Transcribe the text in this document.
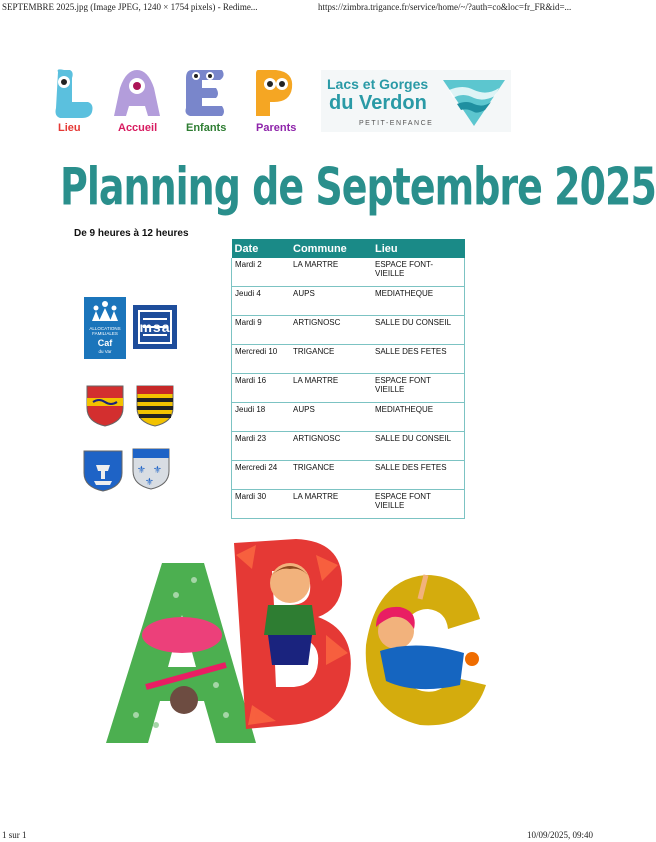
SEPTEMBRE 2025.jpg (Image JPEG, 1240 × 1754 pixels) - Redime...	https://zimbra.trigance.fr/service/home/~/?auth=co&loc=fr_FR&id=...
Lieu	Accueil	Enfants	Parents
Lacs et Gorges
du Verdon
PETIT-ENFANCE
Planning de Septembre 2025
De 9 heures à 12 heures
Date	Commune	Lieu
Mardi 2	LA MARTRE	ESPACE FONT-VIEILLE
Jeudi 4	AUPS	MEDIATHEQUE
Mardi 9	ARTIGNOSC	SALLE DU CONSEIL
Mercredi 10	TRIGANCE	SALLE DES FETES
Mardi 16	LA MARTRE	ESPACE FONT VIEILLE
Jeudi 18	AUPS	MEDIATHEQUE
Mardi 23	ARTIGNOSC	SALLE DU CONSEIL
Mercredi 24	TRIGANCE	SALLE DES FETES
Mardi 30	LA MARTRE	ESPACE FONT VIEILLE
ALLOCATIONS
FAMILIALES
Caf
du Var
msa
⚜ ⚜
⚜
1 sur 1	10/09/2025, 09:40
